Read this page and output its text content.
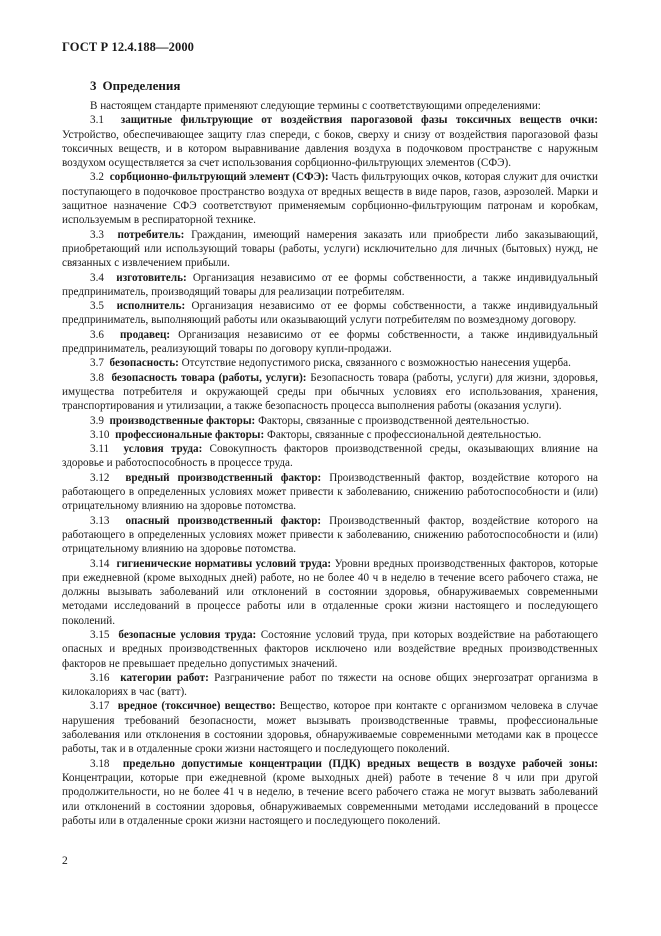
ГОСТ Р 12.4.188—2000
3 Определения

В настоящем стандарте применяют следующие термины с соответствующими определениями:

3.1 защитные фильтрующие от воздействия парогазовой фазы токсичных веществ очки: Устройство, обеспечивающее защиту глаз спереди, с боков, сверху и снизу от воздействия парогазовой фазы токсичных веществ, и в котором выравнивание давления воздуха в подочковом пространстве с наружным воздухом осуществляется за счет использования сорбционно-фильтрующих элементов (СФЭ).

3.2 сорбционно-фильтрующий элемент (СФЭ): Часть фильтрующих очков, которая служит для очистки поступающего в подочковое пространство воздуха от вредных веществ в виде паров, газов, аэрозолей. Марки и защитное назначение СФЭ соответствуют применяемым сорбционно-фильтрующим патронам и коробкам, используемым в респираторной технике.

3.3 потребитель: Гражданин, имеющий намерения заказать или приобрести либо заказывающий, приобретающий или использующий товары (работы, услуги) исключительно для личных (бытовых) нужд, не связанных с извлечением прибыли.

3.4 изготовитель: Организация независимо от ее формы собственности, а также индивидуальный предприниматель, производящий товары для реализации потребителям.

3.5 исполнитель: Организация независимо от ее формы собственности, а также индивидуальный предприниматель, выполняющий работы или оказывающий услуги потребителям по возмездному договору.

3.6 продавец: Организация независимо от ее формы собственности, а также индивидуальный предприниматель, реализующий товары по договору купли-продажи.

3.7 безопасность: Отсутствие недопустимого риска, связанного с возможностью нанесения ущерба.

3.8 безопасность товара (работы, услуги): Безопасность товара (работы, услуги) для жизни, здоровья, имущества потребителя и окружающей среды при обычных условиях его использования, хранения, транспортирования и утилизации, а также безопасность процесса выполнения работы (оказания услуги).

3.9 производственные факторы: Факторы, связанные с производственной деятельностью.

3.10 профессиональные факторы: Факторы, связанные с профессиональной деятельностью.

3.11 условия труда: Совокупность факторов производственной среды, оказывающих влияние на здоровье и работоспособность в процессе труда.

3.12 вредный производственный фактор: Производственный фактор, воздействие которого на работающего в определенных условиях может привести к заболеванию, снижению работоспособности и (или) отрицательному влиянию на здоровье потомства.

3.13 опасный производственный фактор: Производственный фактор, воздействие которого на работающего в определенных условиях может привести к заболеванию, снижению работоспособности и (или) отрицательному влиянию на здоровье потомства.

3.14 гигиенические нормативы условий труда: Уровни вредных производственных факторов, которые при ежедневной (кроме выходных дней) работе, но не более 40 ч в неделю в течение всего рабочего стажа, не должны вызывать заболеваний или отклонений в состоянии здоровья, обнаруживаемых современными методами исследований в процессе работы или в отдаленные сроки жизни настоящего и последующего поколений.

3.15 безопасные условия труда: Состояние условий труда, при которых воздействие на работающего опасных и вредных производственных факторов исключено или воздействие вредных производственных факторов не превышает предельно допустимых значений.

3.16 категории работ: Разграничение работ по тяжести на основе общих энергозатрат организма в килокалориях в час (ватт).

3.17 вредное (токсичное) вещество: Вещество, которое при контакте с организмом человека в случае нарушения требований безопасности, может вызывать производственные травмы, профессиональные заболевания или отклонения в состоянии здоровья, обнаруживаемые современными методами как в процессе работы, так и в отдаленные сроки жизни настоящего и последующего поколений.

3.18 предельно допустимые концентрации (ПДК) вредных веществ в воздухе рабочей зоны: Концентрации, которые при ежедневной (кроме выходных дней) работе в течение 8 ч или при другой продолжительности, но не более 41 ч в неделю, в течение всего рабочего стажа не могут вызвать заболеваний или отклонений в состоянии здоровья, обнаруживаемых современными методами исследований в процессе работы или в отдаленные сроки жизни настоящего и последующего поколений.

2
